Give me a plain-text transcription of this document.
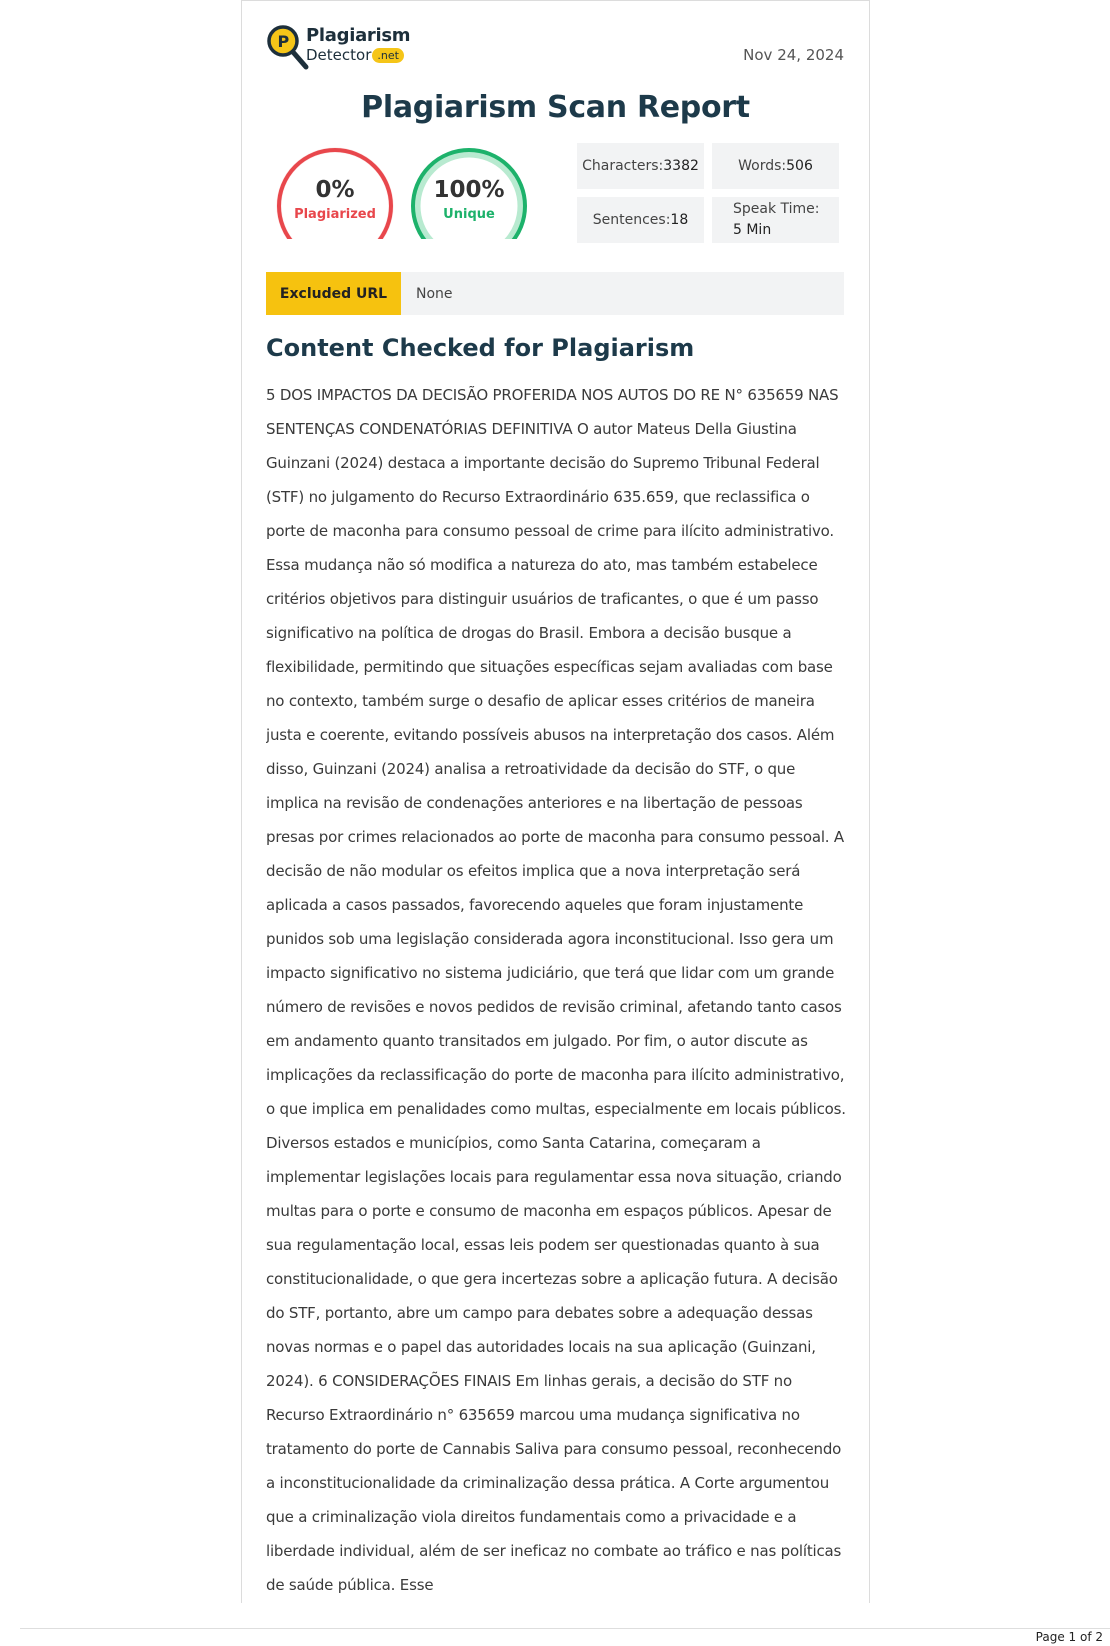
P Plagiarism
Detector .net	Nov 24, 2024
Plagiarism Scan Report
0%
Plagiarized
100%
Unique
Characters: 3382	Words: 506
Sentences: 18
Speak Time:
5 Min
Excluded URL	None
Content Checked for Plagiarism

5 DOS IMPACTOS DA DECISÃO PROFERIDA NOS AUTOS DO RE N° 635659 NAS SENTENÇAS CONDENATÓRIAS DEFINITIVA O autor Mateus Della Giustina Guinzani (2024) destaca a importante decisão do Supremo Tribunal Federal (STF) no julgamento do Recurso Extraordinário 635.659, que reclassifica o porte de maconha para consumo pessoal de crime para ilícito administrativo. Essa mudança não só modifica a natureza do ato, mas também estabelece critérios objetivos para distinguir usuários de traficantes, o que é um passo significativo na política de drogas do Brasil. Embora a decisão busque a flexibilidade, permitindo que situações específicas sejam avaliadas com base no contexto, também surge o desafio de aplicar esses critérios de maneira justa e coerente, evitando possíveis abusos na interpretação dos casos. Além disso, Guinzani (2024) analisa a retroatividade da decisão do STF, o que implica na revisão de condenações anteriores e na libertação de pessoas presas por crimes relacionados ao porte de maconha para consumo pessoal. A decisão de não modular os efeitos implica que a nova interpretação será aplicada a casos passados, favorecendo aqueles que foram injustamente punidos sob uma legislação considerada agora inconstitucional. Isso gera um impacto significativo no sistema judiciário, que terá que lidar com um grande número de revisões e novos pedidos de revisão criminal, afetando tanto casos em andamento quanto transitados em julgado. Por fim, o autor discute as implicações da reclassificação do porte de maconha para ilícito administrativo, o que implica em penalidades como multas, especialmente em locais públicos. Diversos estados e municípios, como Santa Catarina, começaram a implementar legislações locais para regulamentar essa nova situação, criando multas para o porte e consumo de maconha em espaços públicos. Apesar de sua regulamentação local, essas leis podem ser questionadas quanto à sua constitucionalidade, o que gera incertezas sobre a aplicação futura. A decisão do STF, portanto, abre um campo para debates sobre a adequação dessas novas normas e o papel das autoridades locais na sua aplicação (Guinzani, 2024). 6 CONSIDERAÇÕES FINAIS Em linhas gerais, a decisão do STF no Recurso Extraordinário n° 635659 marcou uma mudança significativa no tratamento do porte de Cannabis Saliva para consumo pessoal, reconhecendo a inconstitucionalidade da criminalização dessa prática. A Corte argumentou que a criminalização viola direitos fundamentais como a privacidade e a liberdade individual, além de ser ineficaz no combate ao tráfico e nas políticas de saúde pública. Esse

Page 1 of 2
